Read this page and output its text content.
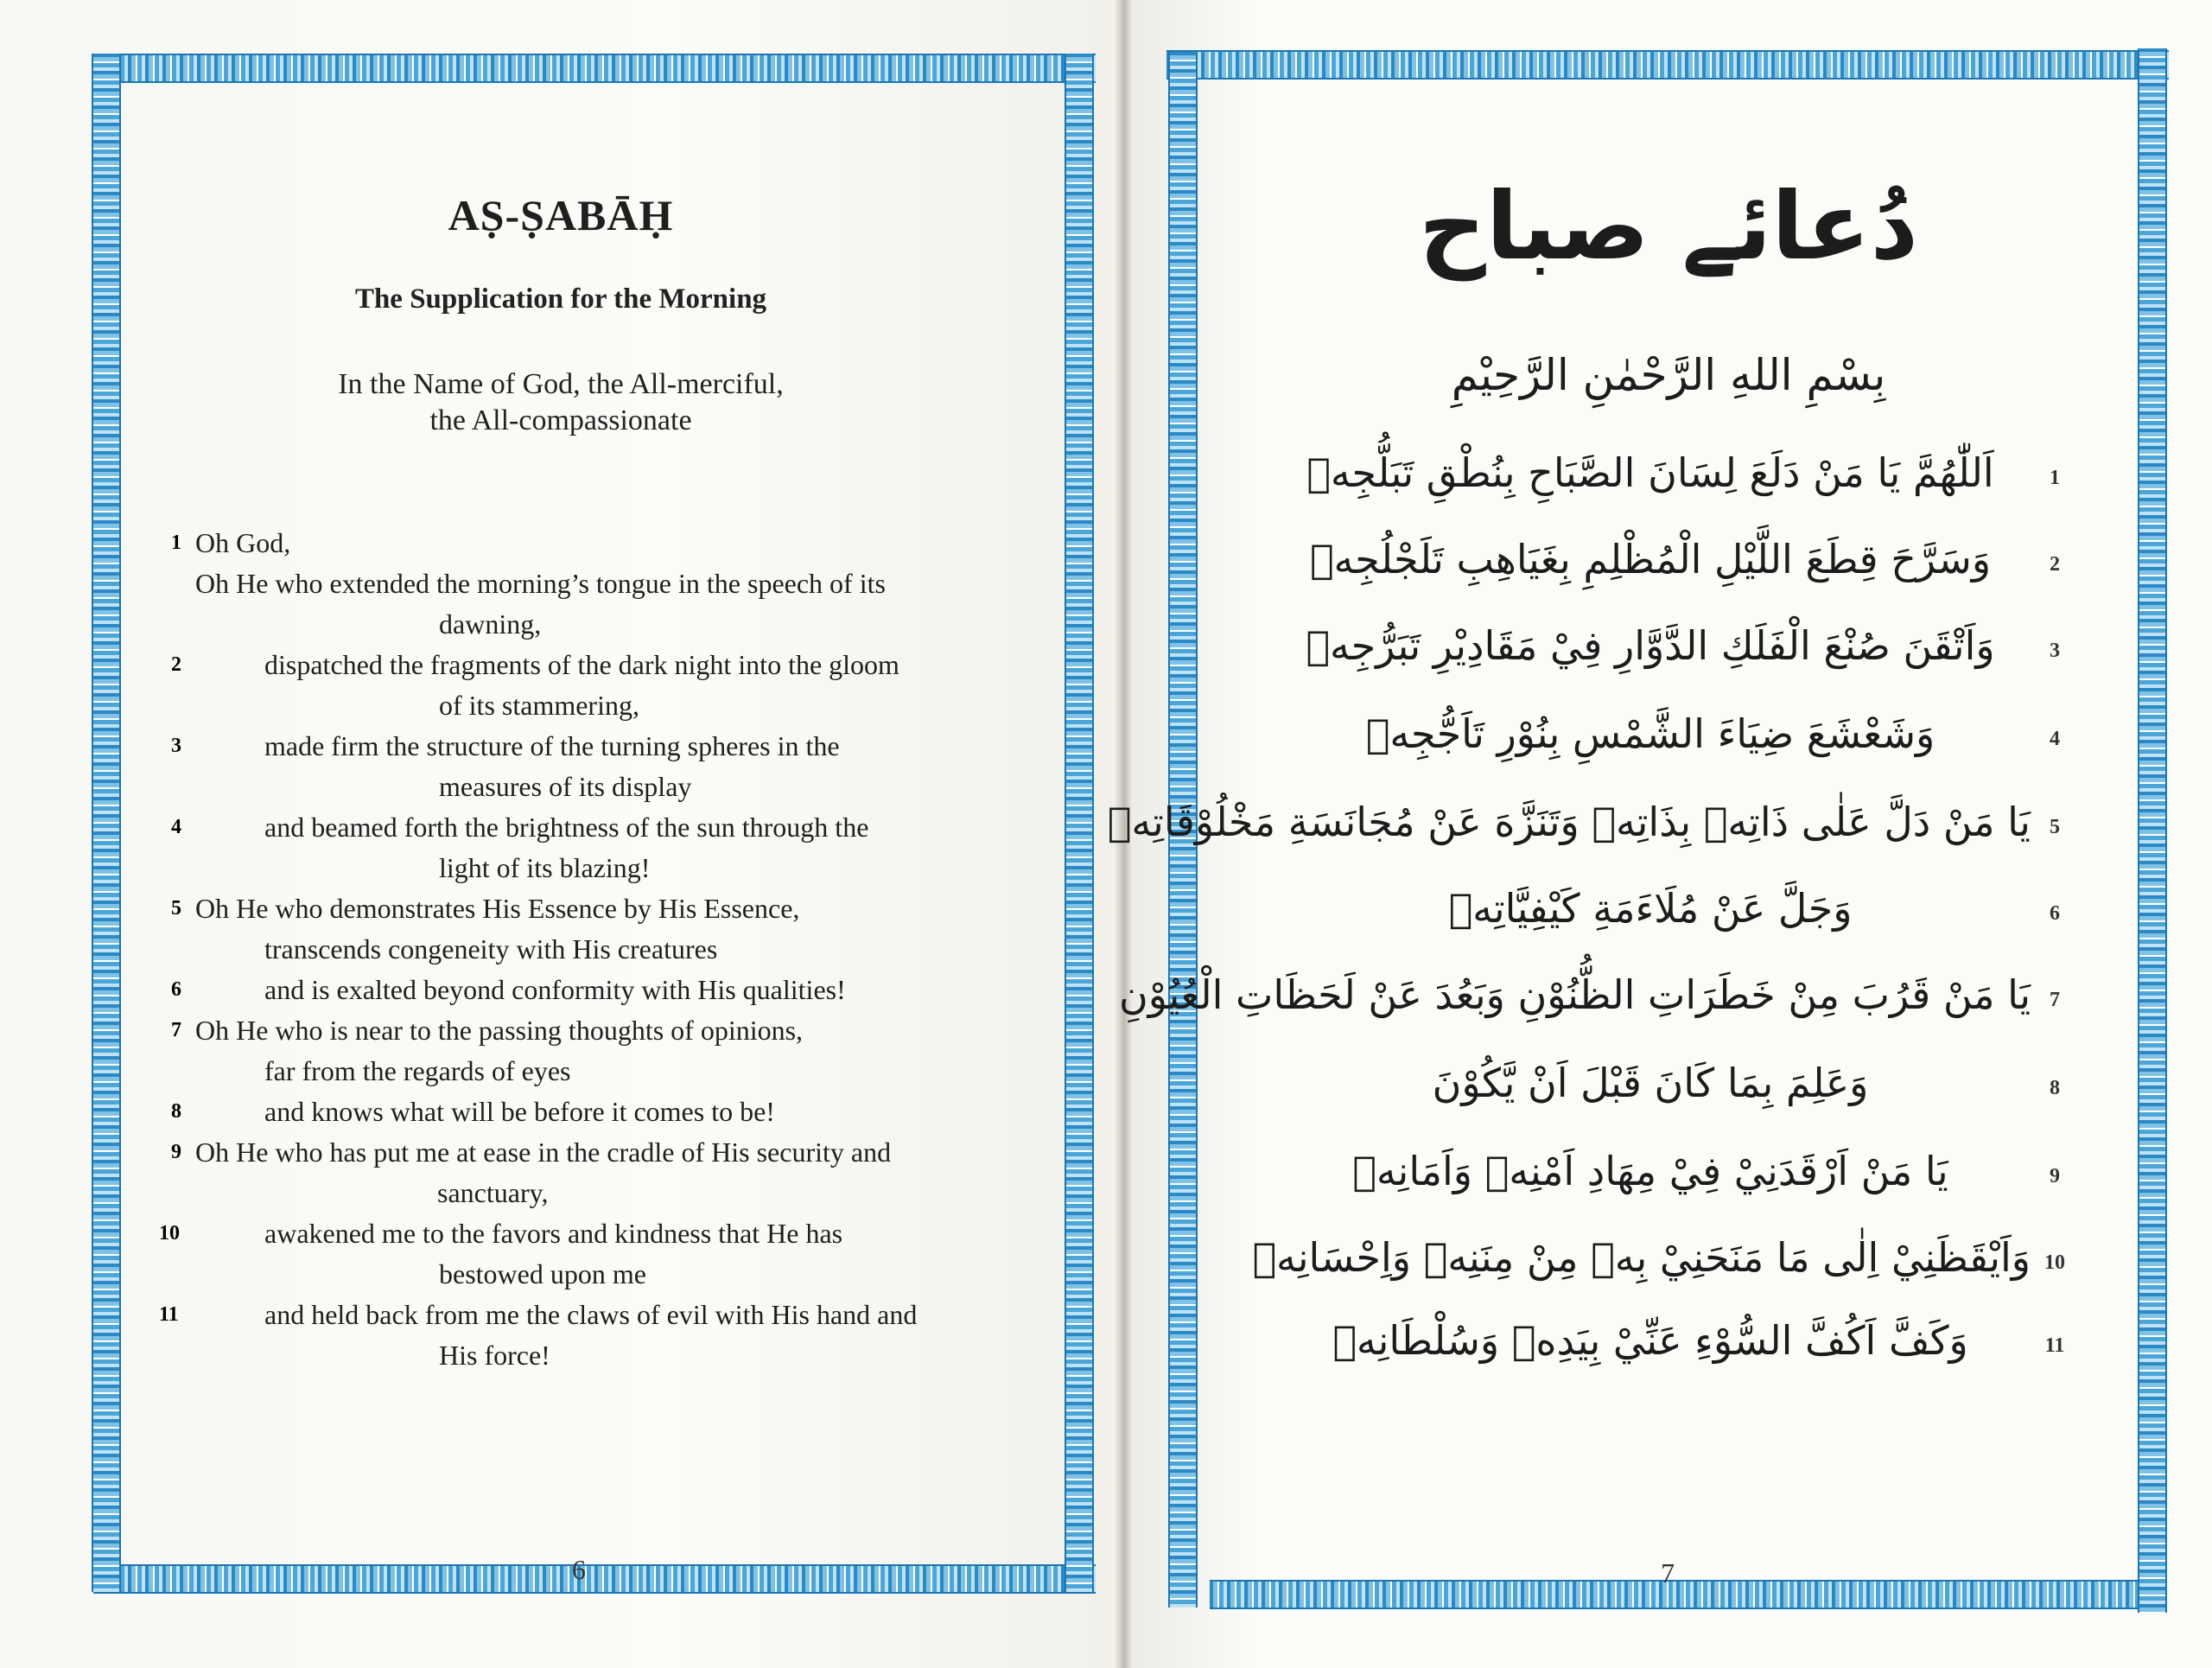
AṢ-ṢABĀḤ
The Supplication for the Morning
In the Name of God, the All-merciful,
the All-compassionate
1 Oh God,
Oh He who extended the morning’s tongue in the speech of its
dawning,
2	dispatched the fragments of the dark night into the gloom
of its stammering,
3	made firm the structure of the turning spheres in the
measures of its display
4	and beamed forth the brightness of the sun through the
light of its blazing!
5 Oh He who demonstrates His Essence by His Essence,
transcends congeneity with His creatures
6	and is exalted beyond conformity with His qualities!
7 Oh He who is near to the passing thoughts of opinions,
far from the regards of eyes
8	and knows what will be before it comes to be!
9 Oh He who has put me at ease in the cradle of His security and
sanctuary,
10	awakened me to the favors and kindness that He has
bestowed upon me
11	and held back from me the claws of evil with His hand and
His force!
6
دُعائے صباح
بِسْمِ اللهِ الرَّحْمٰنِ الرَّحِيْمِ
اَللّٰهُمَّ يَا مَنْ دَلَعَ لِسَانَ الصَّبَاحِ بِنُطْقِ تَبَلُّجِهٖ	1
وَسَرَّحَ قِطَعَ اللَّيْلِ الْمُظْلِمِ بِغَيَاهِبِ تَلَجْلُجِهٖ	2
وَاَتْقَنَ صُنْعَ الْفَلَكِ الدَّوَّارِ فِيْ مَقَادِيْرِ تَبَرُّجِهٖ	3
وَشَعْشَعَ ضِيَاءَ الشَّمْسِ بِنُوْرِ تَاَجُّجِهٖ	4
يَا مَنْ دَلَّ عَلٰى ذَاتِهٖ بِذَاتِهٖ وَتَنَزَّهَ عَنْ مُجَانَسَةِ مَخْلُوْقَاتِهٖ 5
وَجَلَّ عَنْ مُلَاءَمَةِ كَيْفِيَّاتِهٖ	6
يَا مَنْ قَرُبَ مِنْ خَطَرَاتِ الظُّنُوْنِ وَبَعُدَ عَنْ لَحَظَاتِ الْعُيُوْنِ 7
وَعَلِمَ بِمَا كَانَ قَبْلَ اَنْ يَّكُوْنَ	8
يَا مَنْ اَرْقَدَنِيْ فِيْ مِهَادِ اَمْنِهٖ وَاَمَانِهٖ	9
وَاَيْقَظَنِيْ اِلٰى مَا مَنَحَنِيْ بِهٖ مِنْ مِنَنِهٖ وَاِحْسَانِهٖ 10
وَكَفَّ اَكُفَّ السُّوْءِ عَنِّيْ بِيَدِهٖ وَسُلْطَانِهٖ	11
7
